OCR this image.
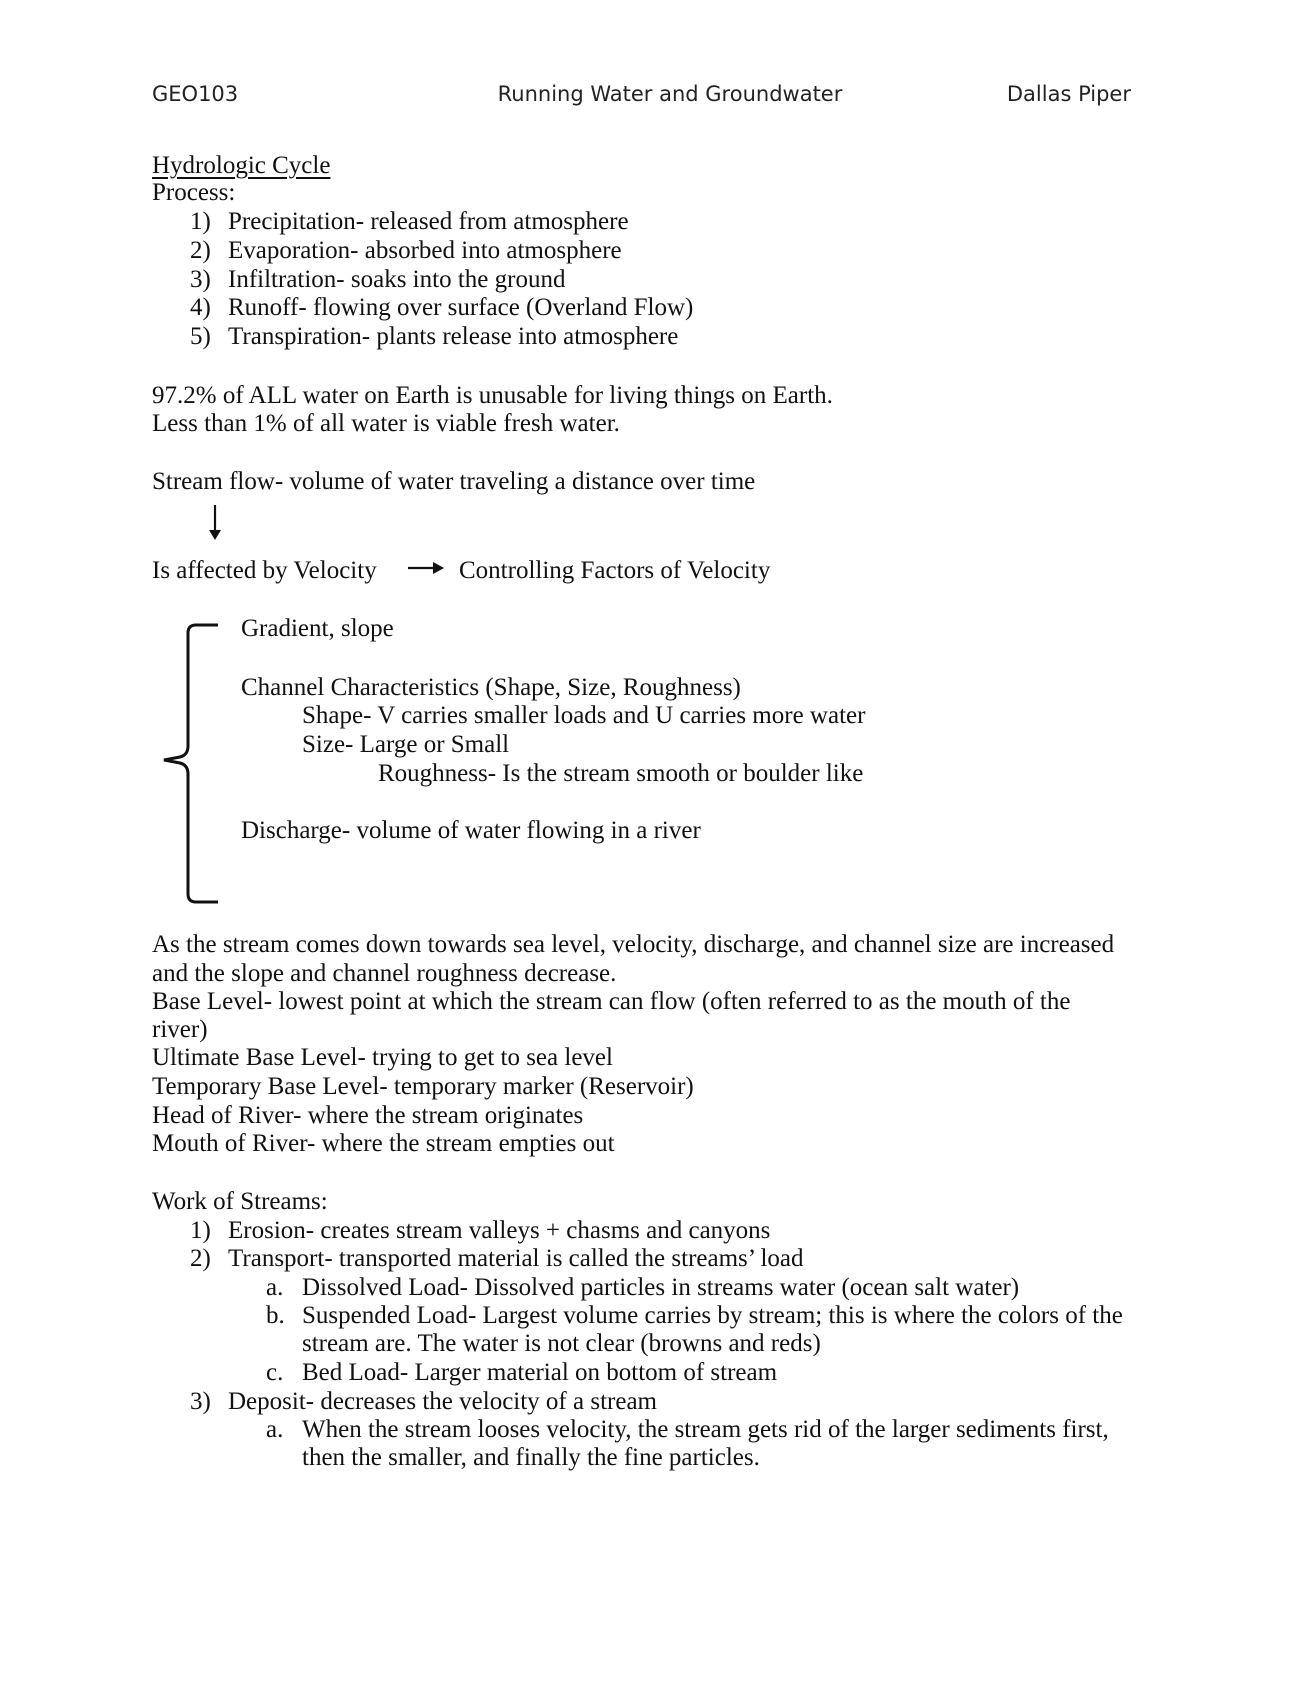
GEO103	Running Water and Groundwater	Dallas Piper
Hydrologic Cycle
Process:
1) Precipitation- released from atmosphere
2) Evaporation- absorbed into atmosphere
3) Infiltration- soaks into the ground
4) Runoff- flowing over surface (Overland Flow)
5) Transpiration- plants release into atmosphere
97.2% of ALL water on Earth is unusable for living things on Earth.
Less than 1% of all water is viable fresh water.
Stream flow- volume of water traveling a distance over time
Is affected by Velocity	Controlling Factors of Velocity
Gradient, slope
Channel Characteristics (Shape, Size, Roughness)
Shape- V carries smaller loads and U carries more water
Size- Large or Small
Roughness- Is the stream smooth or boulder like
Discharge- volume of water flowing in a river
As the stream comes down towards sea level, velocity, discharge, and channel size are increased
and the slope and channel roughness decrease.
Base Level- lowest point at which the stream can flow (often referred to as the mouth of the
river)
Ultimate Base Level- trying to get to sea level
Temporary Base Level- temporary marker (Reservoir)
Head of River- where the stream originates
Mouth of River- where the stream empties out
Work of Streams:
1) Erosion- creates stream valleys + chasms and canyons
2) Transport- transported material is called the streams’ load
a. Dissolved Load- Dissolved particles in streams water (ocean salt water)
b. Suspended Load- Largest volume carries by stream; this is where the colors of the
stream are. The water is not clear (browns and reds)
c. Bed Load- Larger material on bottom of stream
3) Deposit- decreases the velocity of a stream
a. When the stream looses velocity, the stream gets rid of the larger sediments first,
then the smaller, and finally the fine particles.
